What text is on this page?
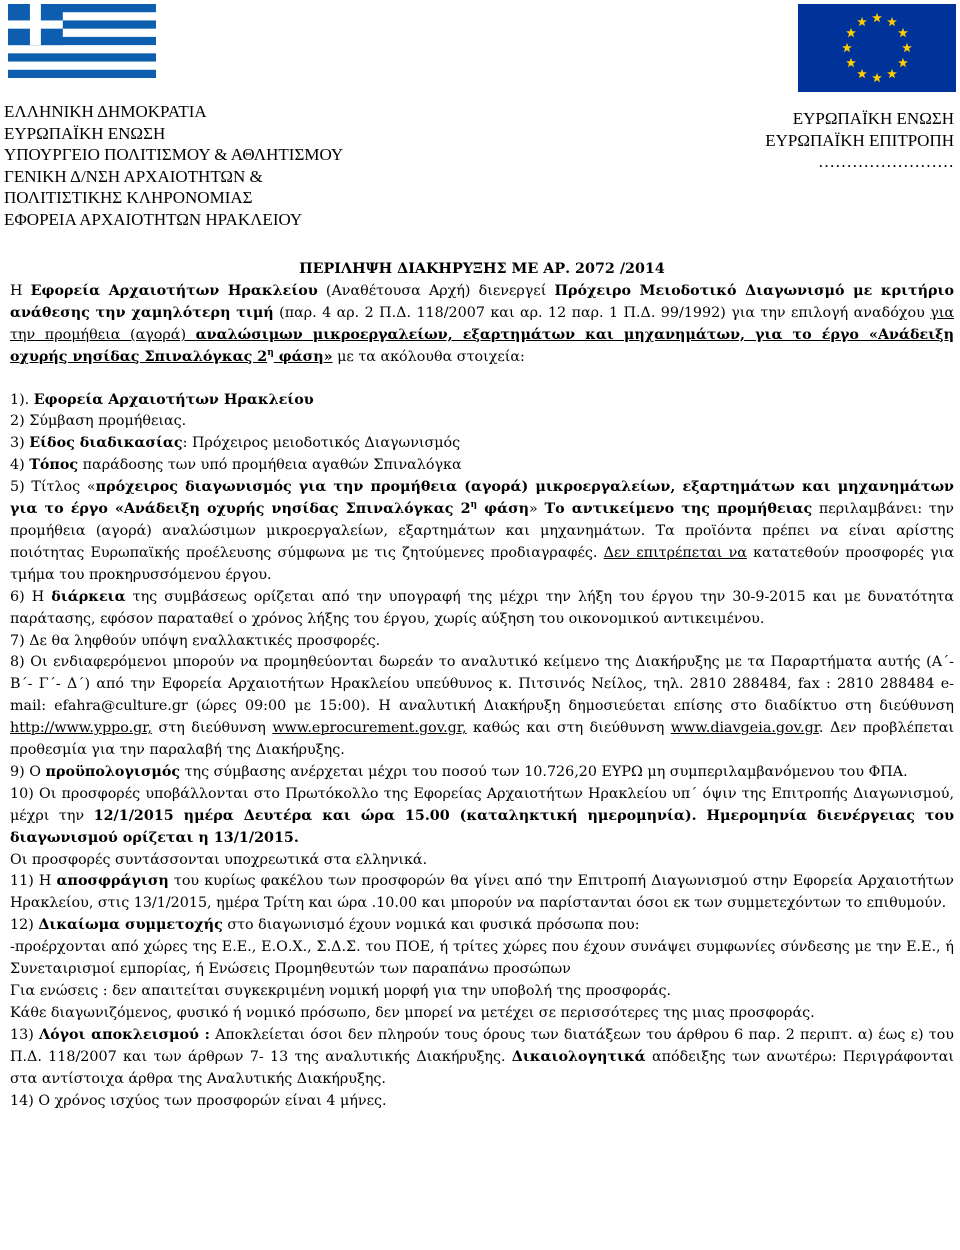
ΕΛΛΗΝΙΚΗ ΔΗΜΟΚΡΑΤΙΑ
ΕΥΡΩΠΑΪΚΗ ΕΝΩΣΗ
ΥΠΟΥΡΓΕΙΟ ΠΟΛΙΤΙΣΜΟΥ & ΑΘΛΗΤΙΣΜΟΥ
ΓΕΝΙΚΗ Δ/ΝΣΗ ΑΡΧΑΙΟΤΗΤΩΝ &
ΠΟΛΙΤΙΣΤΙΚΗΣ ΚΛΗΡΟΝΟΜΙΑΣ
ΕΦΟΡΕΙΑ ΑΡΧΑΙΟΤΗΤΩΝ ΗΡΑΚΛΕΙΟΥ
ΕΥΡΩΠΑΪΚΗ ΕΝΩΣΗ
ΕΥΡΩΠΑΪΚΗ ΕΠΙΤΡΟΠΗ
……………………

ΠΕΡΙΛΗΨΗ ΔΙΑΚΗΡΥΞΗΣ ΜΕ ΑΡ. 2072 /2014

Η Εφορεία Αρχαιοτήτων Ηρακλείου (Αναθέτουσα Αρχή) διενεργεί Πρόχειρο Μειοδοτικό Διαγωνισμό με κριτήριο ανάθεσης την χαμηλότερη τιμή (παρ. 4 αρ. 2 Π.Δ. 118/2007 και αρ. 12 παρ. 1 Π.Δ. 99/1992) για την επιλογή αναδόχου για την προμήθεια (αγορά) αναλώσιμων μικροεργαλείων, εξαρτημάτων και μηχανημάτων, για το έργο «Ανάδειξη οχυρής νησίδας Σπιναλόγκας $2^\eta$ φάση» με τα ακόλουθα στοιχεία:

1). Εφορεία Αρχαιοτήτων Ηρακλείου

2) Σύμβαση προμήθειας.

3) Είδος διαδικασίας: Πρόχειρος μειοδοτικός Διαγωνισμός

4) Τόπος παράδοσης των υπό προμήθεια αγαθών Σπιναλόγκα

5) Τίτλος «πρόχειρος διαγωνισμός για την προμήθεια (αγορά) μικροεργαλείων, εξαρτημάτων και μηχανημάτων για το έργο «Ανάδειξη οχυρής νησίδας Σπιναλόγκας $2^\eta$ φάση» Το αντικείμενο της προμήθειας περιλαμβάνει: την προμήθεια (αγορά) αναλώσιμων μικροεργαλείων, εξαρτημάτων και μηχανημάτων. Τα προϊόντα πρέπει να είναι αρίστης ποιότητας Ευρωπαϊκής προέλευσης σύμφωνα με τις ζητούμενες προδιαγραφές. Δεν επιτρέπεται να κατατεθούν προσφορές για τμήμα του προκηρυσσόμενου έργου.

6) Η διάρκεια της συμβάσεως ορίζεται από την υπογραφή της μέχρι την λήξη του έργου την 30-9-2015 και με δυνατότητα παράτασης, εφόσον παραταθεί ο χρόνος λήξης του έργου, χωρίς αύξηση του οικονομικού αντικειμένου.

7) Δε θα ληφθούν υπόψη εναλλακτικές προσφορές.

8) Οι ενδιαφερόμενοι μπορούν να προμηθεύονται δωρεάν το αναλυτικό κείμενο της Διακήρυξης με τα Παραρτήματα αυτής (Α΄- Β΄- Γ΄- Δ΄) από την Εφορεία Αρχαιοτήτων Ηρακλείου υπεύθυνος κ. Πιτσινός Νείλος, τηλ. 2810 288484, fax : 2810 288484 e-mail: efahra@culture.gr (ώρες 09:00 με 15:00). Η αναλυτική Διακήρυξη δημοσιεύεται επίσης στο διαδίκτυο στη διεύθυνση http://www.yppo.gr, στη διεύθυνση www.eprocurement.gov.gr, καθώς και στη διεύθυνση www.diavgeia.gov.gr. Δεν προβλέπεται προθεσμία για την παραλαβή της Διακήρυξης.

9) Ο προϋπολογισμός της σύμβασης ανέρχεται μέχρι του ποσού των 10.726,20 ΕΥΡΩ μη συμπεριλαμβανόμενου του ΦΠΑ.

10) Οι προσφορές υποβάλλονται στο Πρωτόκολλο της Εφορείας Αρχαιοτήτων Ηρακλείου υπ΄ όψιν της Επιτροπής Διαγωνισμού, μέχρι την 12/1/2015 ημέρα Δευτέρα και ώρα 15.00 (καταληκτική ημερομηνία). Ημερομηνία διενέργειας του διαγωνισμού ορίζεται η 13/1/2015.

Οι προσφορές συντάσσονται υποχρεωτικά στα ελληνικά.

11) Η αποσφράγιση του κυρίως φακέλου των προσφορών θα γίνει από την Επιτροπή Διαγωνισμού στην Εφορεία Αρχαιοτήτων Ηρακλείου, στις 13/1/2015, ημέρα Τρίτη και ώρα .10.00 και μπορούν να παρίστανται όσοι εκ των συμμετεχόντων το επιθυμούν.

12) Δικαίωμα συμμετοχής στο διαγωνισμό έχουν νομικά και φυσικά πρόσωπα που:

-προέρχονται από χώρες της Ε.Ε., Ε.Ο.Χ., Σ.Δ.Σ. του ΠΟΕ, ή τρίτες χώρες που έχουν συνάψει συμφωνίες σύνδεσης με την Ε.Ε., ή Συνεταιρισμοί εμπορίας, ή Ενώσεις Προμηθευτών των παραπάνω προσώπων

Για ενώσεις : δεν απαιτείται συγκεκριμένη νομική μορφή για την υποβολή της προσφοράς.

Κάθε διαγωνιζόμενος, φυσικό ή νομικό πρόσωπο, δεν μπορεί να μετέχει σε περισσότερες της μιας προσφοράς.

13) Λόγοι αποκλεισμού : Αποκλείεται όσοι δεν πληρούν τους όρους των διατάξεων του άρθρου 6 παρ. 2 περιπτ. α) έως ε) του Π.Δ. 118/2007 και των άρθρων 7- 13 της αναλυτικής Διακήρυξης. Δικαιολογητικά απόδειξης των ανωτέρω: Περιγράφονται στα αντίστοιχα άρθρα της Αναλυτικής Διακήρυξης.

14) Ο χρόνος ισχύος των προσφορών είναι 4 μήνες.
